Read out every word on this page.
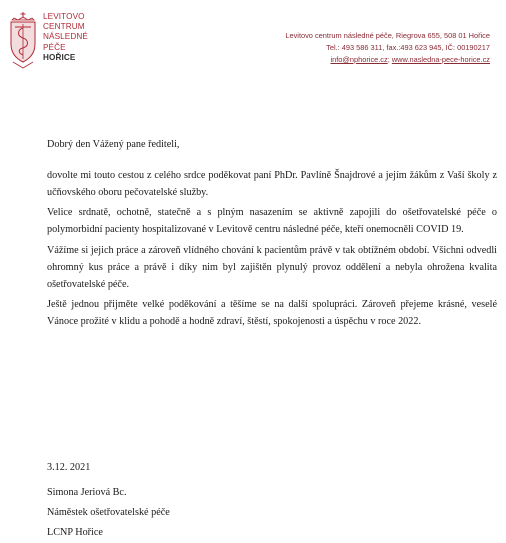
LEVITOVO
CENTRUM
NÁSLEDNÉ
PÉČE
HOŘICE
Levitovo centrum následné péče, Riegrova 655, 508 01 Hořice
Tel.: 493 586 311, fax.:493 623 945, IČ: 00190217
info@nphorice.cz; www.nasledna-pece-horice.cz

Dobrý den Vážený pane řediteli,

dovolte mi touto cestou z celého srdce poděkovat paní PhDr. Pavlíně Šnajdrové a jejím žákům z Vaší školy z učňovského oboru pečovatelské služby.

Velice srdnatě, ochotně, statečně a s plným nasazením se aktivně zapojili do ošetřovatelské péče o polymorbidní pacienty hospitalizované v Levitově centru následné péče, kteří onemocněli COVID 19.

Vážíme si jejich práce a zároveň vlídného chování k pacientům právě v tak obtížném období. Všichni odvedli ohromný kus práce a právě i díky nim byl zajištěn plynulý provoz oddělení a nebyla ohrožena kvalita ošetřovatelské péče.

Ještě jednou přijměte velké poděkování a těšíme se na další spolupráci. Zároveň přejeme krásné, veselé Vánoce prožité v klidu a pohodě a hodně zdraví, štěstí, spokojenosti a úspěchu v roce 2022.

3.12. 2021
Simona Jeriová Bc.
Náměstek ošetřovatelské péče
LCNP Hořice
